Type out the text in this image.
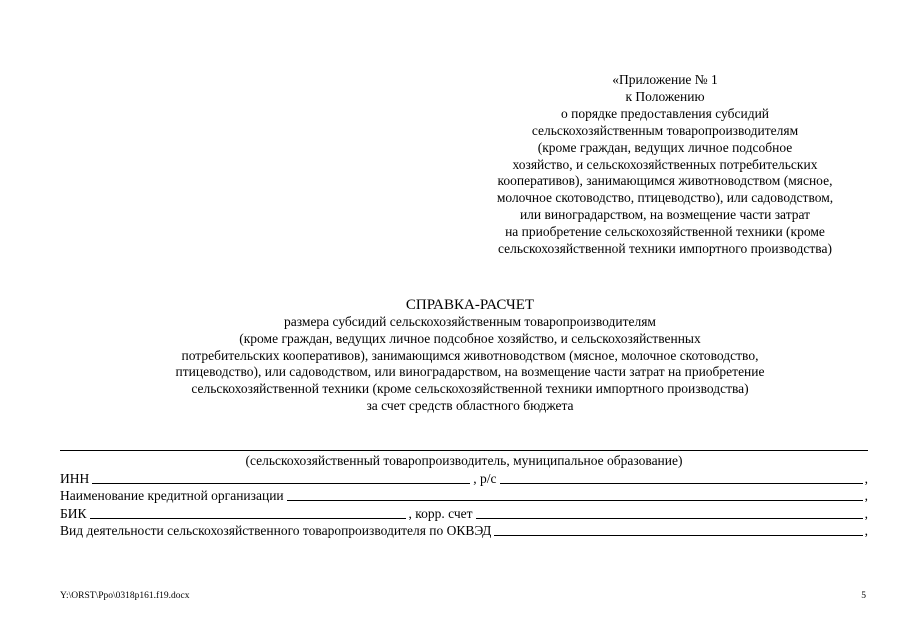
«Приложение № 1
к Положению
о порядке предоставления субсидий
сельскохозяйственным товаропроизводителям
(кроме граждан, ведущих личное подсобное
хозяйство, и сельскохозяйственных потребительских
кооперативов), занимающимся животноводством (мясное,
молочное скотоводство, птицеводство), или садоводством,
или виноградарством, на возмещение части затрат
на приобретение сельскохозяйственной техники (кроме
сельскохозяйственной техники импортного производства)
СПРАВКА-РАСЧЕТ
размера субсидий сельскохозяйственным товаропроизводителям
(кроме граждан, ведущих личное подсобное хозяйство, и сельскохозяйственных
потребительских кооперативов), занимающимся животноводством (мясное, молочное скотоводство,
птицеводство), или садоводством, или виноградарством, на возмещение части затрат на приобретение
сельскохозяйственной техники (кроме сельскохозяйственной техники импортного производства)
за счет средств областного бюджета
(сельскохозяйственный товаропроизводитель, муниципальное образование)
ИНН	, р/с	,
Наименование кредитной организации	,
БИК	, корр. счет	,
Вид деятельности сельскохозяйственного товаропроизводителя по ОКВЭД	,
Y:\ORST\Ppo\0318p161.f19.docx	5
